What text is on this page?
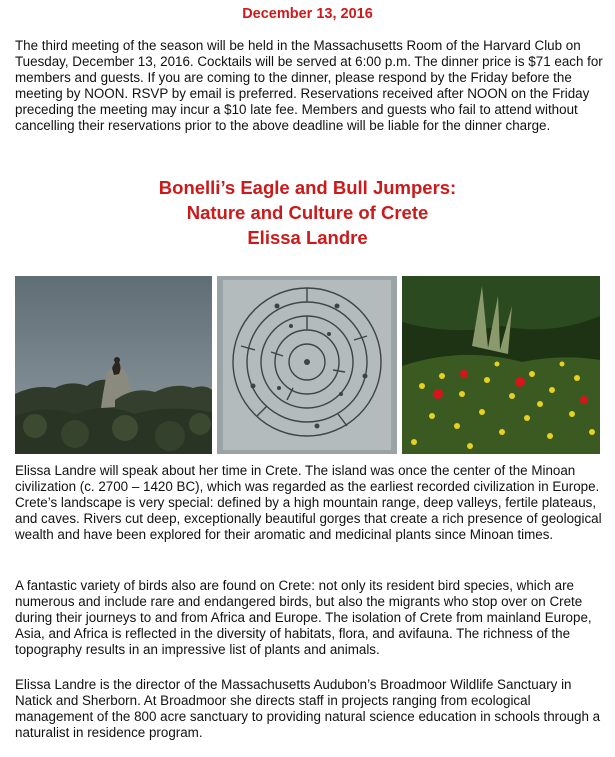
December 13, 2016

The third meeting of the season will be held in the Massachusetts Room of the Harvard Club on Tuesday, December 13, 2016. Cocktails will be served at 6:00 p.m. The dinner price is $71 each for members and guests. If you are coming to the dinner, please respond by the Friday before the meeting by NOON. RSVP by email is preferred. Reservations received after NOON on the Friday preceding the meeting may incur a $10 late fee. Members and guests who fail to attend without cancelling their reservations prior to the above deadline will be liable for the dinner charge.

Bonelli’s Eagle and Bull Jumpers:
Nature and Culture of Crete
Elissa Landre

Elissa Landre will speak about her time in Crete. The island was once the center of the Minoan civilization (c. 2700 – 1420 BC), which was regarded as the earliest recorded civilization in Europe. Crete’s landscape is very special: defined by a high mountain range, deep valleys, fertile plateaus, and caves. Rivers cut deep, exceptionally beautiful gorges that create a rich presence of geological wealth and have been explored for their aromatic and medicinal plants since Minoan times.

A fantastic variety of birds also are found on Crete: not only its resident bird species, which are numerous and include rare and endangered birds, but also the migrants who stop over on Crete during their journeys to and from Africa and Europe. The isolation of Crete from mainland Europe, Asia, and Africa is reflected in the diversity of habitats, flora, and avifauna. The richness of the topography results in an impressive list of plants and animals.

Elissa Landre is the director of the Massachusetts Audubon’s Broadmoor Wildlife Sanctuary in Natick and Sherborn. At Broadmoor she directs staff in projects ranging from ecological management of the 800 acre sanctuary to providing natural science education in schools through a naturalist in residence program.
